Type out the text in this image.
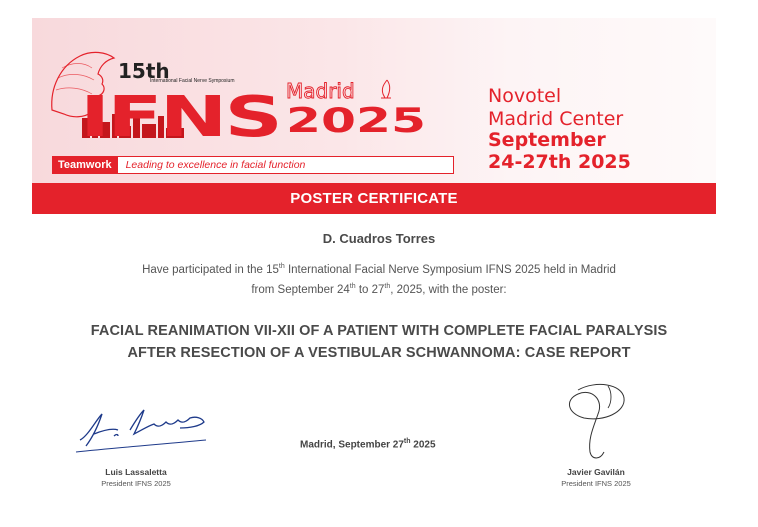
15th
International Facial Nerve Symposium
IFNS Madrid
2025
Teamwork	Leading to excellence in facial function
Novotel
Madrid Center
September
24-27th 2025
POSTER CERTIFICATE
D. Cuadros Torres
Have participated in the 15th International Facial Nerve Symposium IFNS 2025 held in Madrid
from September 24th to 27th, 2025, with the poster:
FACIAL REANIMATION VII-XII OF A PATIENT WITH COMPLETE FACIAL PARALYSIS
AFTER RESECTION OF A VESTIBULAR SCHWANNOMA: CASE REPORT
Madrid, September 27th 2025
Luis Lassaletta
President IFNS 2025
Javier Gavilán
President IFNS 2025
